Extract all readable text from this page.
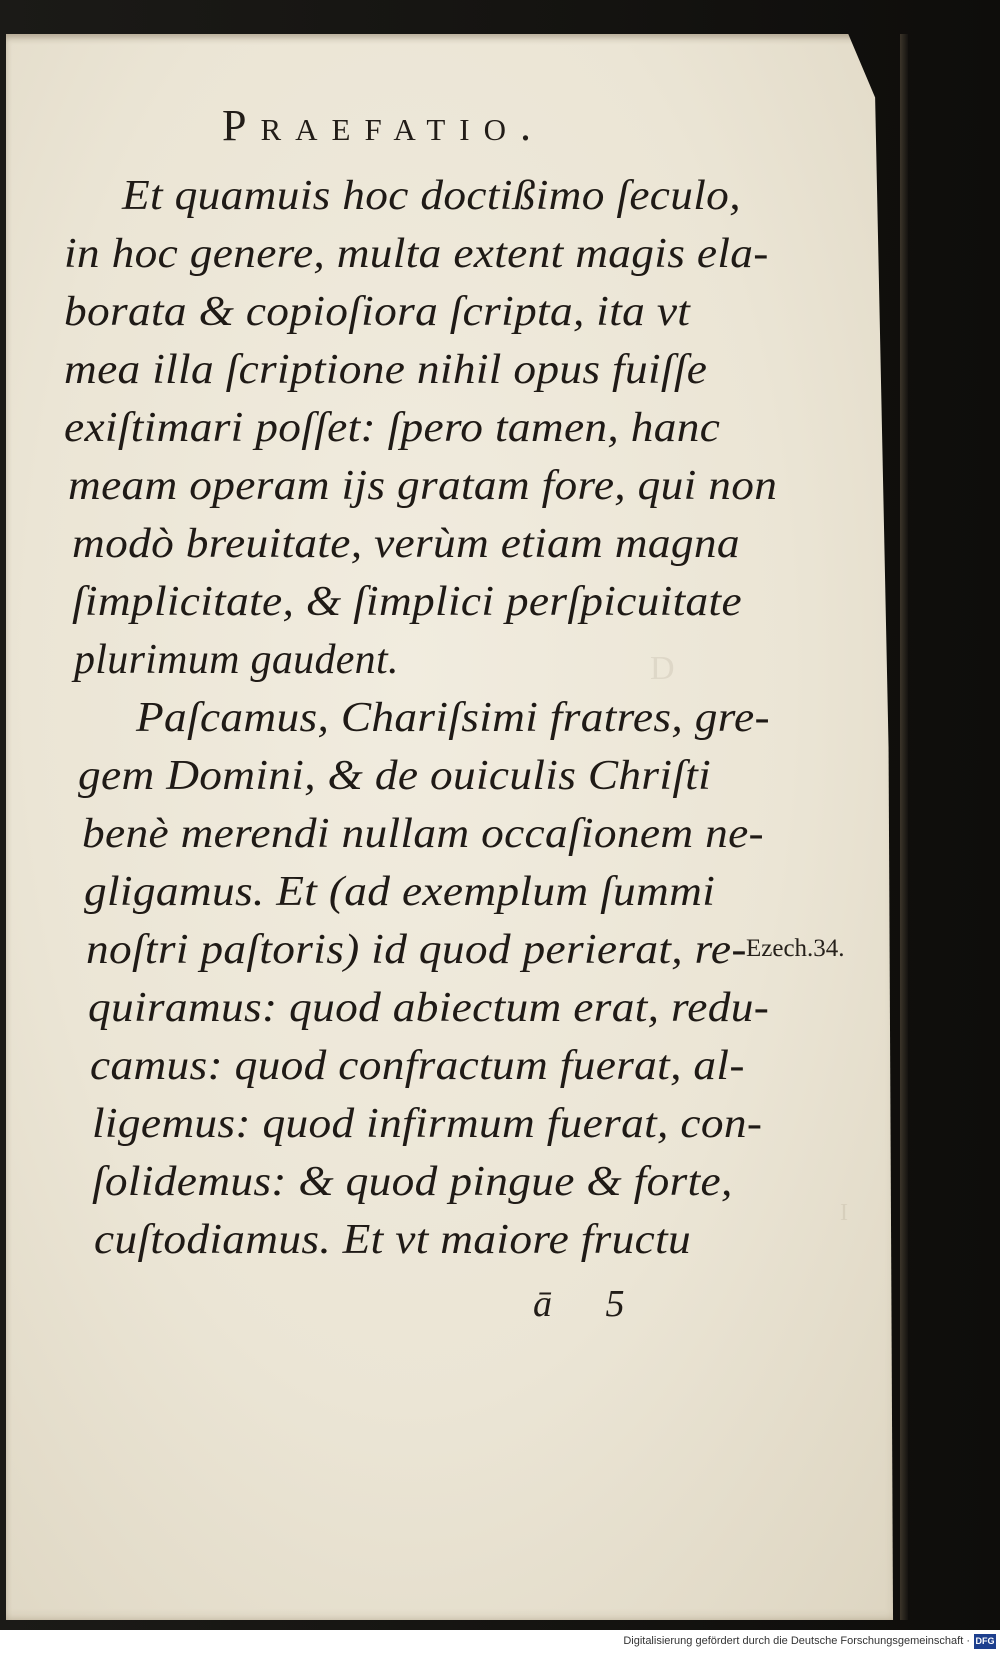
D
I
Praefatio.
Et quamuis hoc doctißimo ſeculo,
in hoc genere, multa extent magis ela-
borata & copioſiora ſcripta, ita vt
mea illa ſcriptione nihil opus fuiſſe
exiſtimari poſſet: ſpero tamen, hanc
meam operam ijs gratam fore, qui non
modò breuitate, verùm etiam magna
ſimplicitate, & ſimplici perſpicuitate
plurimum gaudent.
Paſcamus, Chariſsimi fratres, gre-
gem Domini, & de ouiculis Chriſti
benè merendi nullam occaſionem ne-
gligamus. Et (ad exemplum ſummi
noſtri paſtoris) id quod perierat, re-
quiramus: quod abiectum erat, redu-
camus: quod confractum fuerat, al-
ligemus: quod infirmum fuerat, con-
ſolidemus: & quod pingue & forte,
cuſtodiamus. Et vt maiore fructu
Ezech.34.
ā 5
Digitalisierung gefördert durch die Deutsche Forschungsgemeinschaft · DFG
